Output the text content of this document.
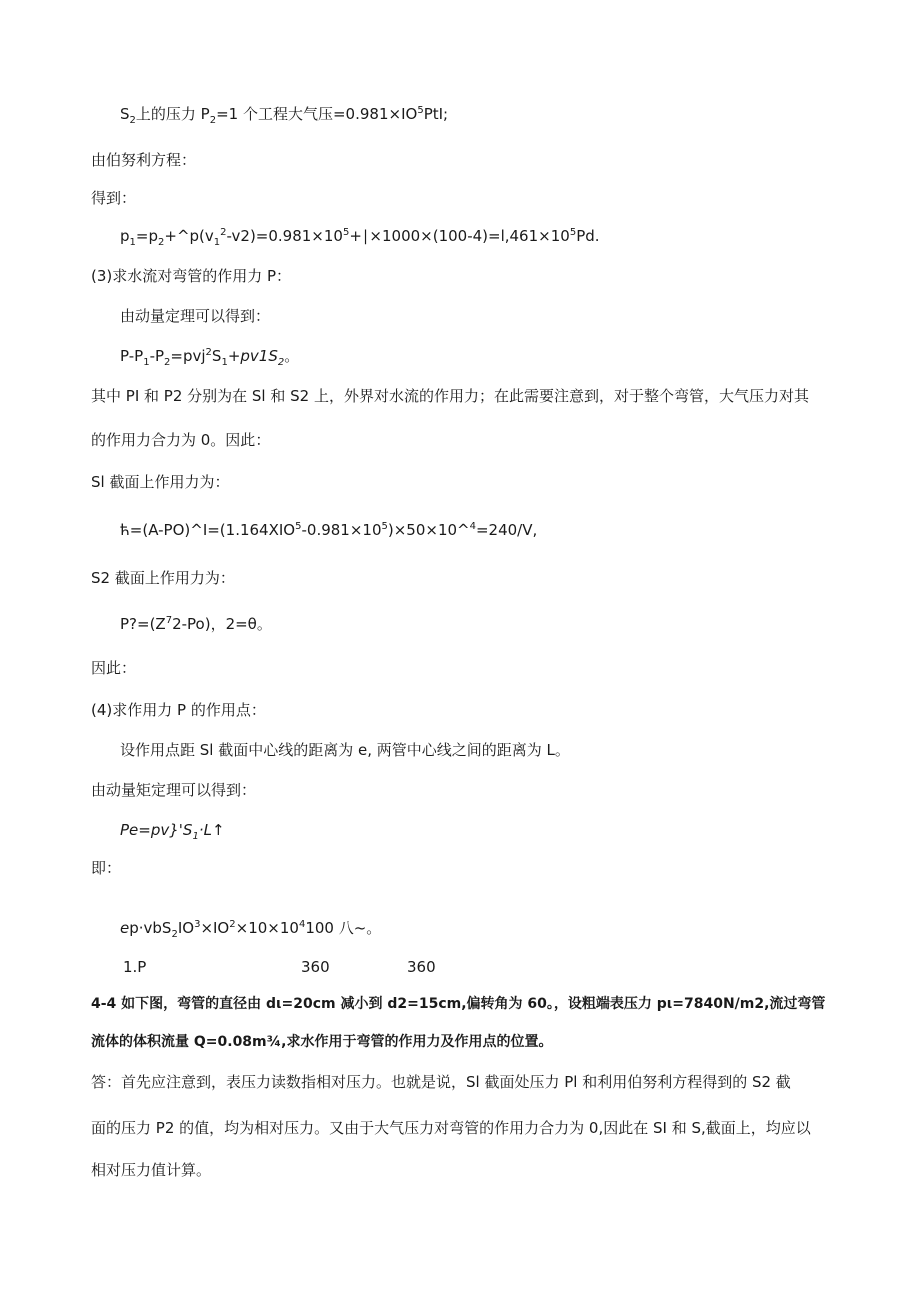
$S_2$上的压力 $P_2=1$ 个工程大气压$=0.981\times IO^5PtI$;
由伯努利方程：
得到：
$p_1=p_2+\^{}p(v_1^2-v2)=0.981\times 10^5+∣\times 1000\times(100-4)=l,461\times 10^5Pd$.
(3)求水流对弯管的作用力 P：
由动量定理可以得到：
$P-P_1-P_2=pvj^2S_1+pv1S_2$。
其中 PI 和 P2 分别为在 Sl 和 S2 上，外界对水流的作用力；在此需要注意到，对于整个弯管，大气压力对其
的作用力合力为 0。因此：
Sl 截面上作用力为：
$ћ=(A-PO)\^{}I=(1.164XIO^5-0.981\times 10^5)\times 50\times 10\^{}^4=240/V$,
S2 截面上作用力为：
$P?=(Z^72-Po)$，2=θ。
因此：
(4)求作用力 P 的作用点：
设作用点距 Sl 截面中心线的距离为 e, 两管中心线之间的距离为 L。
由动量矩定理可以得到：
$Pe=pv\}'S_1\cdot L↑$
即：
$ep\cdot vbS_2IO^3\times IO^2\times 10\times 10^4100$ 八~。
1.P	360	360
4-4 如下图，弯管的直径由 dι=20cm 减小到 d2=15cm,偏转角为 60。，设粗端表压力 pι=7840N/m2,流过弯管
流体的体积流量 Q=0.08m¾,求水作用于弯管的作用力及作用点的位置。
答：首先应注意到，表压力读数指相对压力。也就是说，Sl 截面处压力 Pl 和利用伯努利方程得到的 S2 截
面的压力 P2 的值，均为相对压力。又由于大气压力对弯管的作用力合力为 0,因此在 SI 和 S,截面上，均应以
相对压力值计算。
